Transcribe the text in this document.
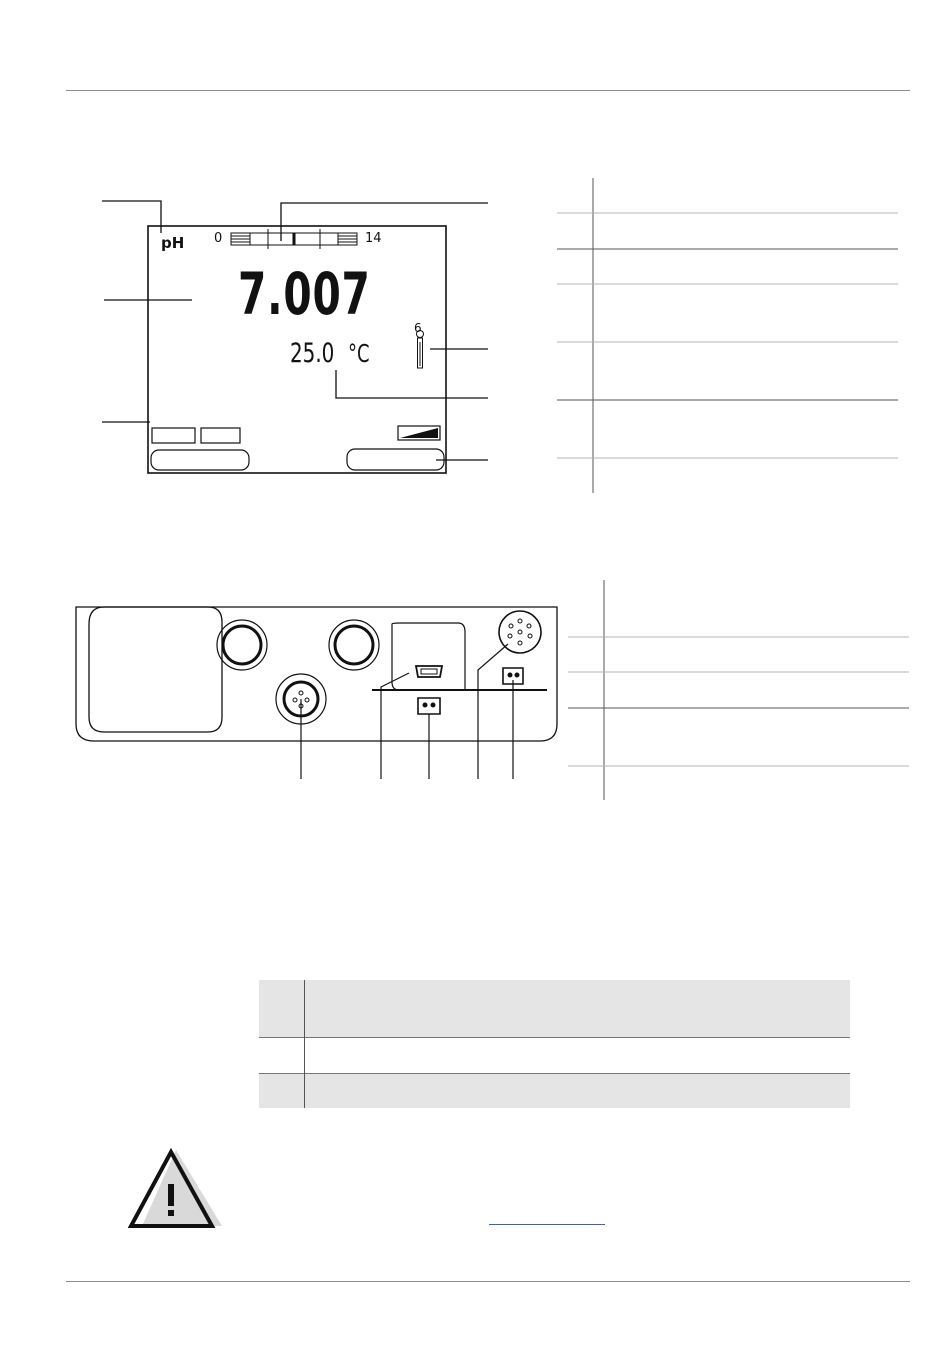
pH 0	14
7.007
25.0 °C
6
